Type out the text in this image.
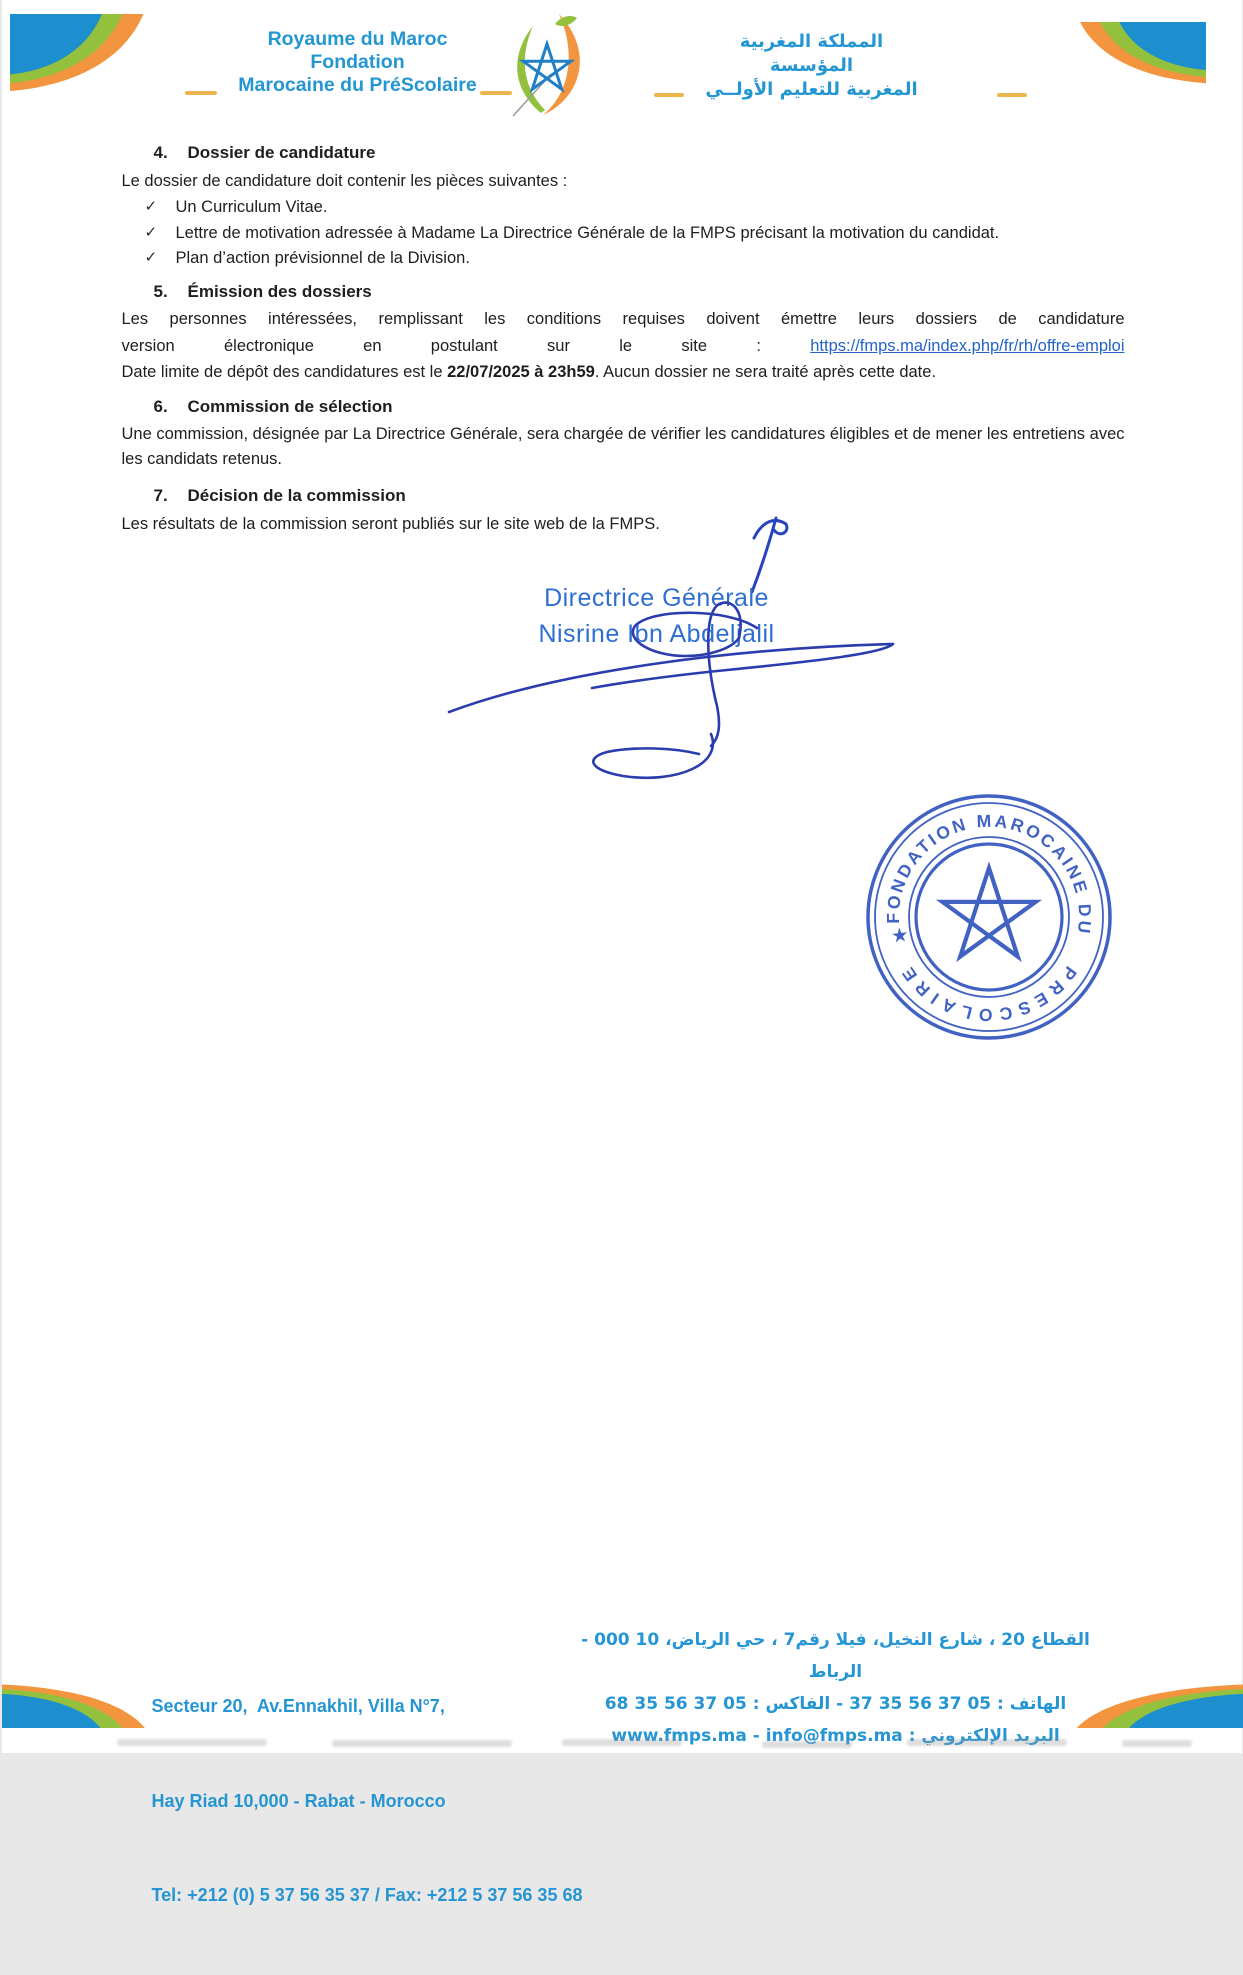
Royaume du Maroc
Fondation
Marocaine du PréScolaire
المملكة المغربية
المؤسسة
المغربية للتعليم الأولــي
4.	Dossier de candidature

Le dossier de candidature doit contenir les pièces suivantes :

✓	Un Curriculum Vitae.
✓	Lettre de motivation adressée à Madame La Directrice Générale de la FMPS précisant la motivation du candidat.
✓	Plan d’action prévisionnel de la Division.
5.	Émission des dossiers

Les personnes intéressées, remplissant les conditions requises doivent émettre leurs dossiers de candidature

version électronique en postulant sur le site :	https://fmps.ma/index.php/fr/rh/offre-emploi

Date limite de dépôt des candidatures est le 22/07/2025 à 23h59. Aucun dossier ne sera traité après cette date.

6.	Commission de sélection

Une commission, désignée par La Directrice Générale, sera chargée de vérifier les candidatures éligibles et de mener les entretiens avec les candidats retenus.

7.	Décision de la commission

Les résultats de la commission seront publiés sur le site web de la FMPS.

Directrice Générale
Nisrine Ibn Abdeljalil
FONDATION MAROCAINE DU
PRESCOLAIRE
★

Secteur 20,  Av.Ennakhil, Villa N°7,

Hay Riad 10,000 - Rabat - Morocco

Tel: +212 (0) 5 37 56 35 37 / Fax: +212 5 37 56 35 68

القطاع 20 ، شارع النخيل، فيلا رقم7 ، حي الرياض، 10 000 - الرباط
الهاتف : 05 37 56 35 37 - الفاكس : 05 37 56 35 68
البريد الإلكتروني : www.fmps.ma - info@fmps.ma
